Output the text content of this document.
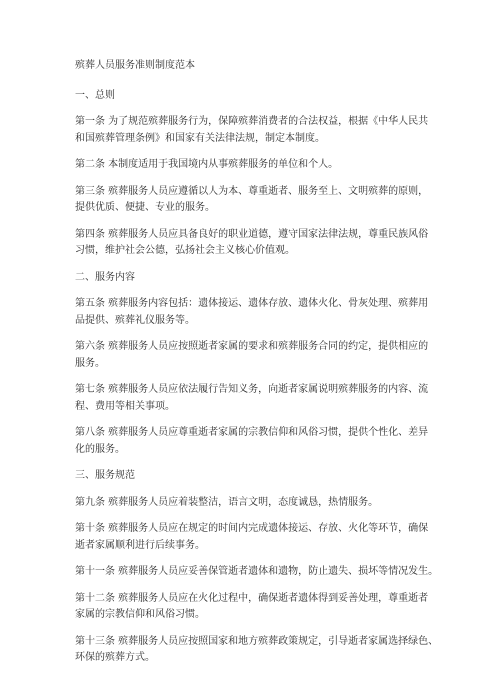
殡葬人员服务准则制度范本
一、总则
第一条 为了规范殡葬服务行为，保障殡葬消费者的合法权益，根据《中华人民共
和国殡葬管理条例》和国家有关法律法规，制定本制度。
第二条 本制度适用于我国境内从事殡葬服务的单位和个人。
第三条 殡葬服务人员应遵循以人为本、尊重逝者、服务至上、文明殡葬的原则，
提供优质、便捷、专业的服务。
第四条 殡葬服务人员应具备良好的职业道德，遵守国家法律法规，尊重民族风俗
习惯，维护社会公德，弘扬社会主义核心价值观。
二、服务内容
第五条 殡葬服务内容包括：遗体接运、遗体存放、遗体火化、骨灰处理、殡葬用
品提供、殡葬礼仪服务等。
第六条 殡葬服务人员应按照逝者家属的要求和殡葬服务合同的约定，提供相应的
服务。
第七条 殡葬服务人员应依法履行告知义务，向逝者家属说明殡葬服务的内容、流
程、费用等相关事项。
第八条 殡葬服务人员应尊重逝者家属的宗教信仰和风俗习惯，提供个性化、差异
化的服务。
三、服务规范
第九条 殡葬服务人员应着装整洁，语言文明，态度诚恳，热情服务。
第十条 殡葬服务人员应在规定的时间内完成遗体接运、存放、火化等环节，确保
逝者家属顺利进行后续事务。
第十一条 殡葬服务人员应妥善保管逝者遗体和遗物，防止遗失、损坏等情况发生。
第十二条 殡葬服务人员应在火化过程中，确保逝者遗体得到妥善处理，尊重逝者
家属的宗教信仰和风俗习惯。
第十三条 殡葬服务人员应按照国家和地方殡葬政策规定，引导逝者家属选择绿色、
环保的殡葬方式。
